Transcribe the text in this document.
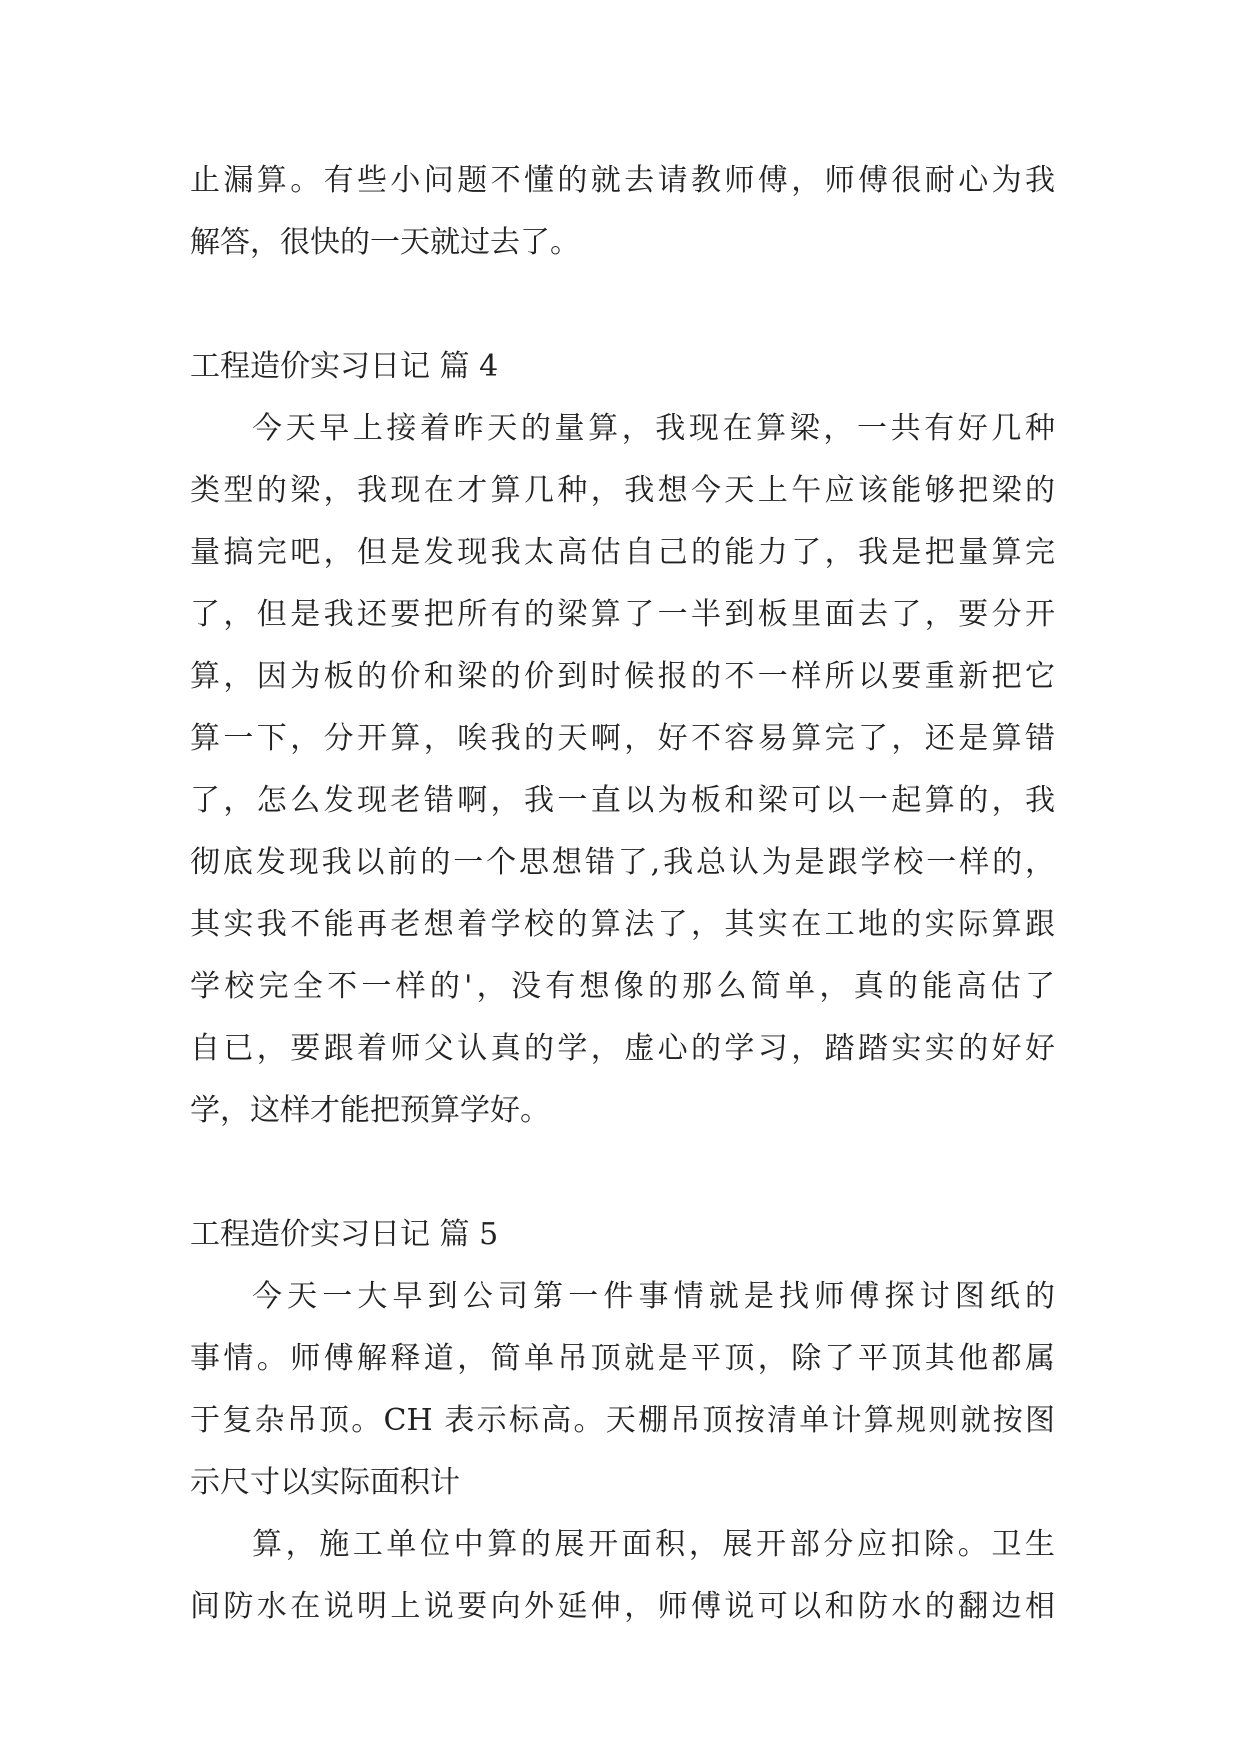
止漏算。有些小问题不懂的就去请教师傅，师傅很耐心为我
解答，很快的一天就过去了。
工程造价实习日记 篇 4
今天早上接着昨天的量算，我现在算梁，一共有好几种
类型的梁，我现在才算几种，我想今天上午应该能够把梁的
量搞完吧，但是发现我太高估自己的能力了，我是把量算完
了，但是我还要把所有的梁算了一半到板里面去了，要分开
算，因为板的价和梁的价到时候报的不一样所以要重新把它
算一下，分开算，唉我的天啊，好不容易算完了，还是算错
了，怎么发现老错啊，我一直以为板和梁可以一起算的，我
彻底发现我以前的一个思想错了,我总认为是跟学校一样的，
其实我不能再老想着学校的算法了，其实在工地的实际算跟
学校完全不一样的'，没有想像的那么简单，真的能高估了
自已，要跟着师父认真的学，虚心的学习，踏踏实实的好好
学，这样才能把预算学好。
工程造价实习日记 篇 5
今天一大早到公司第一件事情就是找师傅探讨图纸的
事情。师傅解释道，简单吊顶就是平顶，除了平顶其他都属
于复杂吊顶。CH 表示标高。天棚吊顶按清单计算规则就按图
示尺寸以实际面积计
算，施工单位中算的展开面积，展开部分应扣除。卫生
间防水在说明上说要向外延伸，师傅说可以和防水的翻边相
